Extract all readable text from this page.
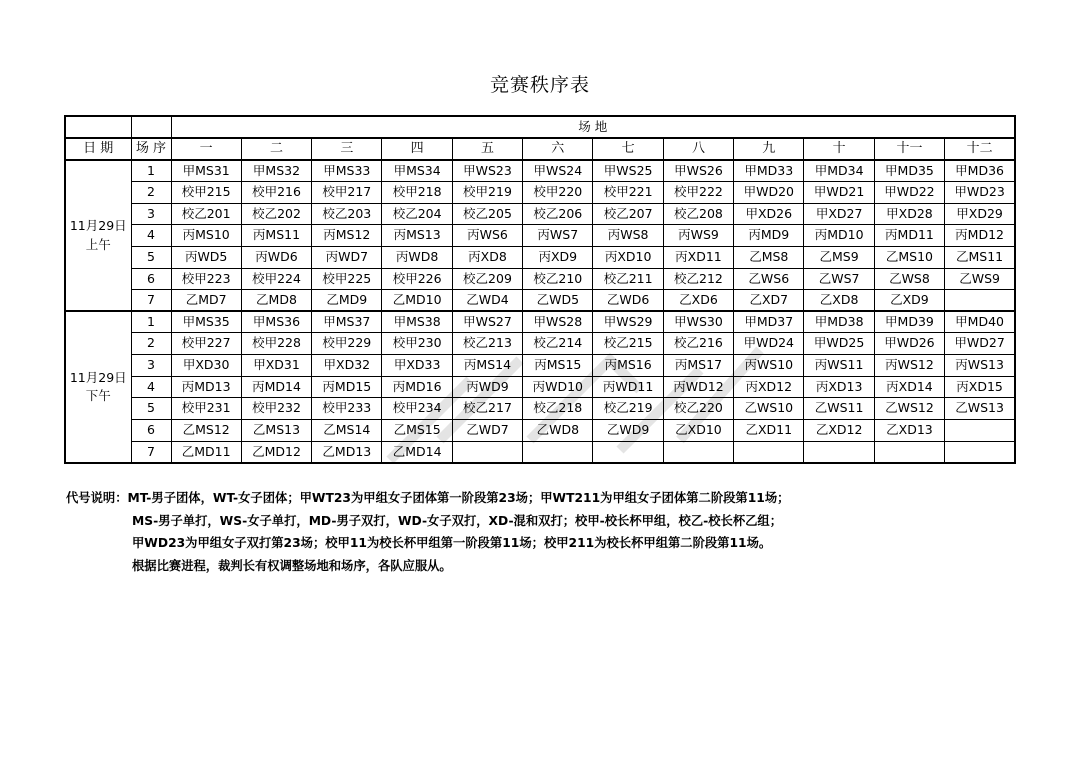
竞赛秩序表
		场 地											
日 期	场 序	一	二	三	四	五	六	七	八	九	十	十一	十二

11月29日
上午	1	甲MS31	甲MS32	甲MS33	甲MS34	甲WS23	甲WS24	甲WS25	甲WS26	甲MD33	甲MD34	甲MD35	甲MD36
	2	校甲215	校甲216	校甲217	校甲218	校甲219	校甲220	校甲221	校甲222	甲WD20	甲WD21	甲WD22	甲WD23
	3	校乙201	校乙202	校乙203	校乙204	校乙205	校乙206	校乙207	校乙208	甲XD26	甲XD27	甲XD28	甲XD29
	4	丙MS10	丙MS11	丙MS12	丙MS13	丙WS6	丙WS7	丙WS8	丙WS9	丙MD9	丙MD10	丙MD11	丙MD12
	5	丙WD5	丙WD6	丙WD7	丙WD8	丙XD8	丙XD9	丙XD10	丙XD11	乙MS8	乙MS9	乙MS10	乙MS11
	6	校甲223	校甲224	校甲225	校甲226	校乙209	校乙210	校乙211	校乙212	乙WS6	乙WS7	乙WS8	乙WS9
	7	乙MD7	乙MD8	乙MD9	乙MD10	乙WD4	乙WD5	乙WD6	乙XD6	乙XD7	乙XD8	乙XD9	

11月29日
下午	1	甲MS35	甲MS36	甲MS37	甲MS38	甲WS27	甲WS28	甲WS29	甲WS30	甲MD37	甲MD38	甲MD39	甲MD40
	2	校甲227	校甲228	校甲229	校甲230	校乙213	校乙214	校乙215	校乙216	甲WD24	甲WD25	甲WD26	甲WD27
	3	甲XD30	甲XD31	甲XD32	甲XD33	丙MS14	丙MS15	丙MS16	丙MS17	丙WS10	丙WS11	丙WS12	丙WS13
	4	丙MD13	丙MD14	丙MD15	丙MD16	丙WD9	丙WD10	丙WD11	丙WD12	丙XD12	丙XD13	丙XD14	丙XD15
	5	校甲231	校甲232	校甲233	校甲234	校乙217	校乙218	校乙219	校乙220	乙WS10	乙WS11	乙WS12	乙WS13
	6	乙MS12	乙MS13	乙MS14	乙MS15	乙WD7	乙WD8	乙WD9	乙XD10	乙XD11	乙XD12	乙XD13	
	7	乙MD11	乙MD12	乙MD13	乙MD14								
代号说明：MT-男子团体，WT-女子团体；甲WT23为甲组女子团体第一阶段第23场；甲WT211为甲组女子团体第二阶段第11场；
MS-男子单打，WS-女子单打，MD-男子双打，WD-女子双打，XD-混和双打；校甲-校长杯甲组，校乙-校长杯乙组；
甲WD23为甲组女子双打第23场；校甲11为校长杯甲组第一阶段第11场；校甲211为校长杯甲组第二阶段第11场。
根据比赛进程，裁判长有权调整场地和场序，各队应服从。
